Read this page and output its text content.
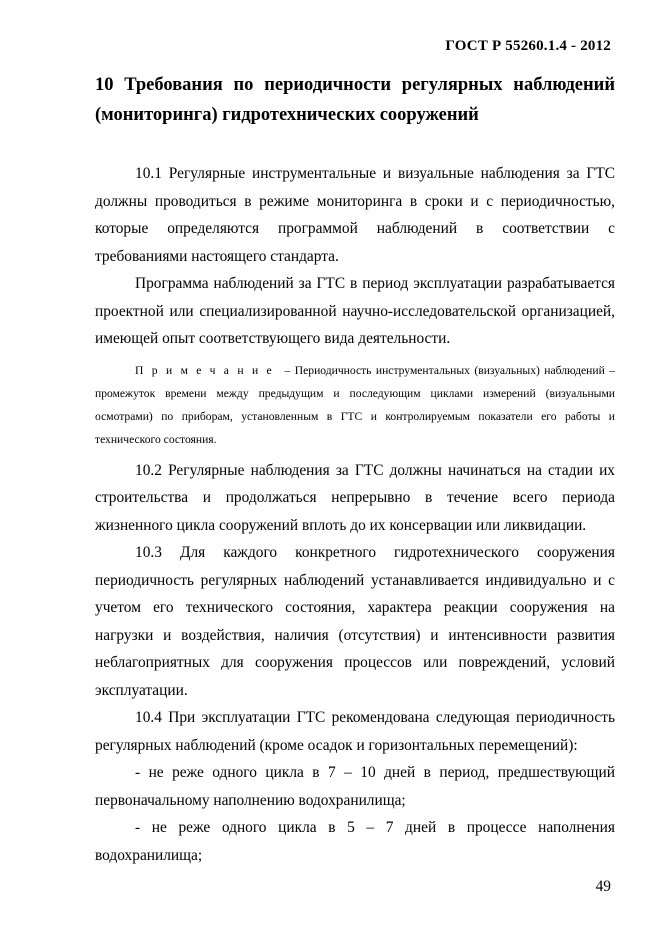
ГОСТ Р 55260.1.4 - 2012
10 Требования по периодичности регулярных наблюдений
(мониторинга) гидротехнических сооружений

10.1 Регулярные инструментальные и визуальные наблюдения за ГТС должны проводиться в режиме мониторинга в сроки и с периодичностью, которые определяются программой наблюдений в соответствии с требованиями настоящего стандарта.

Программа наблюдений за ГТС в период эксплуатации разрабатывается проектной или специализированной научно-исследовательской организацией, имеющей опыт соответствующего вида деятельности.

Примечание – Периодичность инструментальных (визуальных) наблюдений – промежуток времени между предыдущим и последующим циклами измерений (визуальными осмотрами) по приборам, установленным в ГТС и контролируемым показатели его работы и технического состояния.

10.2 Регулярные наблюдения за ГТС должны начинаться на стадии их строительства и продолжаться непрерывно в течение всего периода жизненного цикла сооружений вплоть до их консервации или ликвидации.

10.3 Для каждого конкретного гидротехнического сооружения периодичность регулярных наблюдений устанавливается индивидуально и с учетом его технического состояния, характера реакции сооружения на нагрузки и воздействия, наличия (отсутствия) и интенсивности развития неблагоприятных для сооружения процессов или повреждений, условий эксплуатации.

10.4 При эксплуатации ГТС рекомендована следующая периодичность регулярных наблюдений (кроме осадок и горизонтальных перемещений):

- не реже одного цикла в 7 – 10 дней в период, предшествующий первоначальному наполнению водохранилища;

- не реже одного цикла в 5 – 7 дней в процессе наполнения водохранилища;

49
